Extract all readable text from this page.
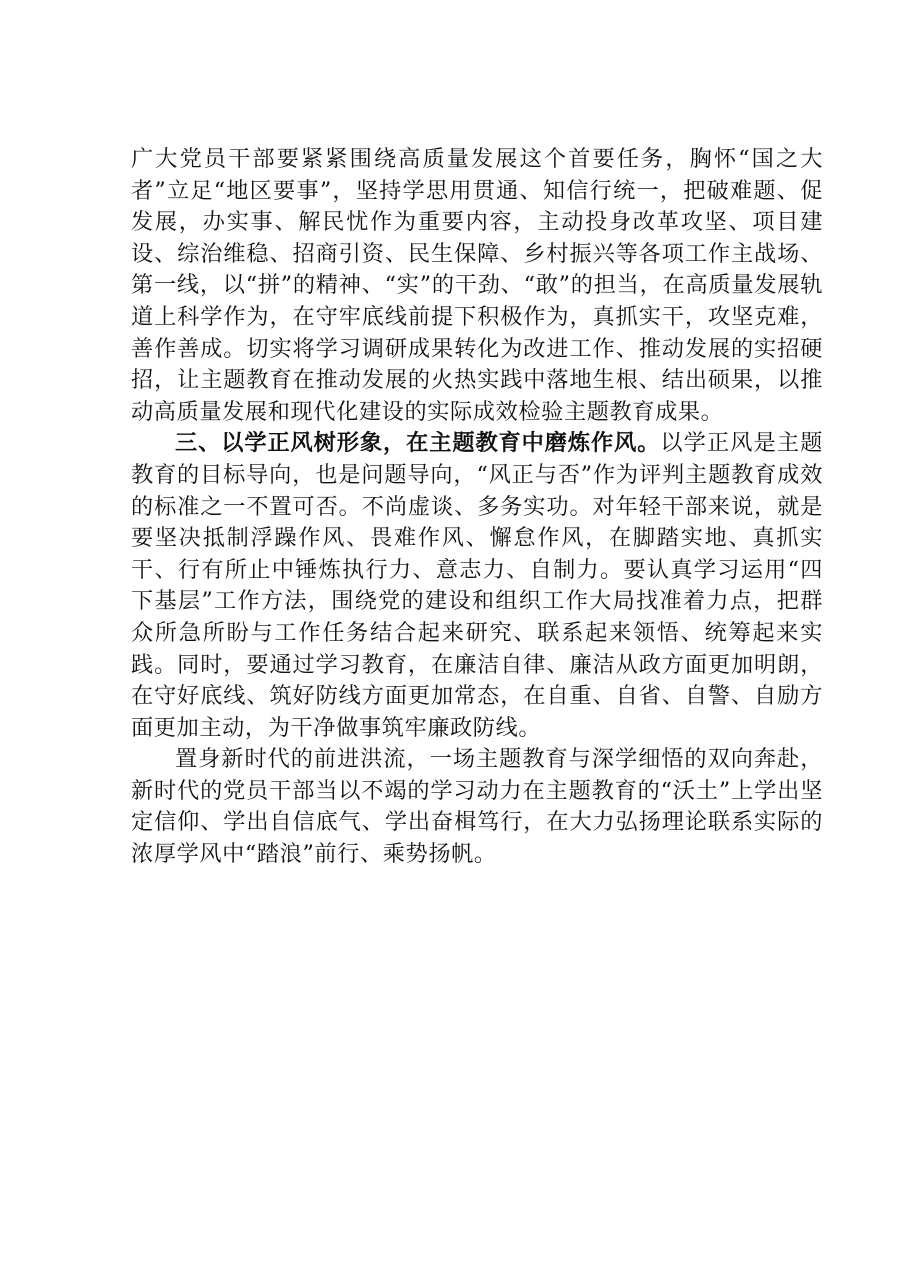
广大党员干部要紧紧围绕高质量发展这个首要任务，胸怀“国之大者”立足“地区要事”，坚持学思用贯通、知信行统一，把破难题、促发展，办实事、解民忧作为重要内容，主动投身改革攻坚、项目建设、综治维稳、招商引资、民生保障、乡村振兴等各项工作主战场、第一线，以“拼”的精神、“实”的干劲、“敢”的担当，在高质量发展轨道上科学作为，在守牢底线前提下积极作为，真抓实干，攻坚克难，善作善成。切实将学习调研成果转化为改进工作、推动发展的实招硬招，让主题教育在推动发展的火热实践中落地生根、结出硕果，以推动高质量发展和现代化建设的实际成效检验主题教育成果。

三、以学正风树形象，在主题教育中磨炼作风。以学正风是主题教育的目标导向，也是问题导向，“风正与否”作为评判主题教育成效的标准之一不置可否。不尚虚谈、多务实功。对年轻干部来说，就是要坚决抵制浮躁作风、畏难作风、懈怠作风，在脚踏实地、真抓实干、行有所止中锤炼执行力、意志力、自制力。要认真学习运用“四下基层”工作方法，围绕党的建设和组织工作大局找准着力点，把群众所急所盼与工作任务结合起来研究、联系起来领悟、统筹起来实践。同时，要通过学习教育，在廉洁自律、廉洁从政方面更加明朗，在守好底线、筑好防线方面更加常态，在自重、自省、自警、自励方面更加主动，为干净做事筑牢廉政防线。

置身新时代的前进洪流，一场主题教育与深学细悟的双向奔赴，新时代的党员干部当以不竭的学习动力在主题教育的“沃土”上学出坚定信仰、学出自信底气、学出奋楫笃行，在大力弘扬理论联系实际的浓厚学风中“踏浪”前行、乘势扬帆。
